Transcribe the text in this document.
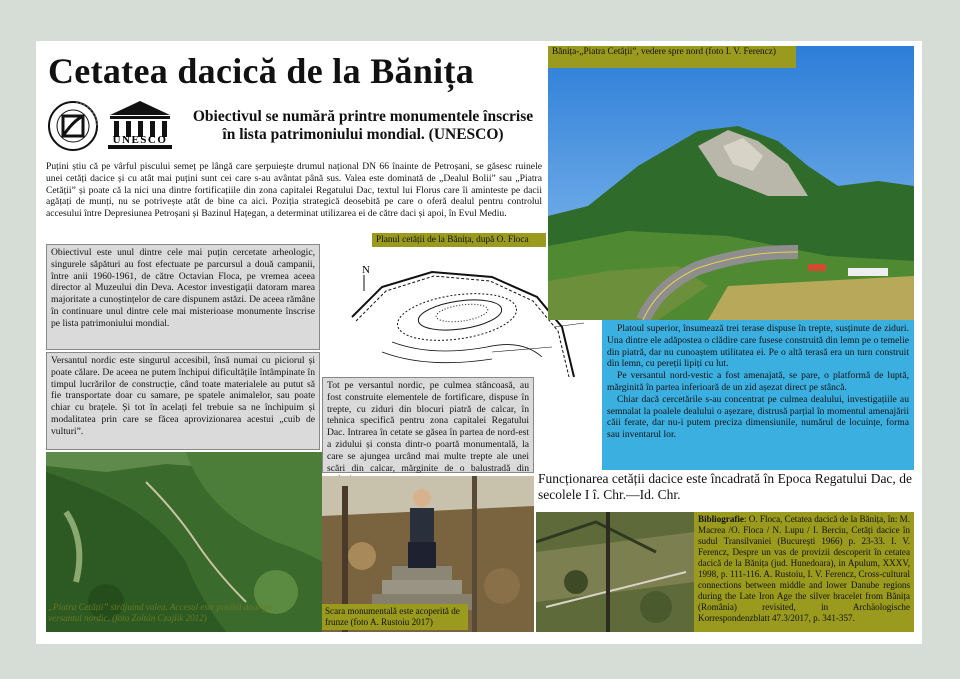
Cetatea dacică de la Bănița
UNESCO
Obiectivul se numără printre monumentele înscrise în lista patrimoniului mondial. (UNESCO)
Puțini știu că pe vârful piscului semeț pe lângă care șerpuiește drumul național DN 66 înainte de Petroșani, se găsesc ruinele unei cetăți dacice și cu atât mai puțini sunt cei care s-au avântat până sus. Valea este dominată de „Dealul Bolii” sau „Piatra Cetății” și poate că la nici una dintre fortificațiile din zona capitalei Regatului Dac, textul lui Florus care îi aminteste pe dacii agățați de munți, nu se potrivește atât de bine ca aici. Poziția strategică deosebită pe care o oferă dealul pentru controlul accesului între Depresiunea Petroșani și Bazinul Hațegan, a determinat utilizarea ei de către daci și apoi, în Evul Mediu.
Obiectivul este unul dintre cele mai puțin cercetate arheologic, singurele săpături au fost efectuate pe parcursul a două campanii, între anii 1960-1961, de către Octavian Floca, pe vremea aceea director al Muzeului din Deva. Acestor investigații datoram marea majoritate a cunoștințelor de care dispunem astăzi. De aceea rămâne în continuare unul dintre cele mai misterioase monumente înscrise pe lista patrimoniului mondial.
Versantul nordic este singurul accesibil, însă numai cu piciorul și poate călare. De aceea ne putem închipui dificultățile întâmpinate în timpul lucrărilor de construcție, când toate materialele au putut să fie transportate doar cu samare, pe spatele animalelor, sau poate chiar cu brațele. Și tot în acelați fel trebuie sa ne închipuim și modalitatea prin care se făcea aprovizionarea acestui „cuib de vulturi”.
N
Planul cetății de la Bănița, după O. Floca
Tot pe versantul nordic, pe culmea stâncoasă, au fost construite elementele de fortificare, dispuse în trepte, cu ziduri din blocuri piatră de calcar, în tehnica specifică pentru zona capitalei Regatului Dac. Intrarea în cetate se găsea în partea de nord-est a zidului și consta dintr-o poartă monumentală, la care se ajungea urcând mai multe trepte ale unei scări din calcar, mărginite de o balustradă din
Bănița-„Piatra Cetății”, vedere spre nord (foto I. V. Ferencz)

Platoul superior, însumează trei terase dispuse în trepte, susținute de ziduri. Una dintre ele adăpostea o clădire care fusese construită din lemn pe o temelie din piatră, dar nu cunoaștem utilitatea ei. Pe o altă terasă era un turn construit din lemn, cu pereții lipiți cu lut.

Pe versantul nord-vestic a fost amenajată, se pare, o platformă de luptă, mărginită în partea inferioară de un zid așezat direct pe stâncă.

Chiar dacă cercetările s-au concentrat pe culmea dealului, investigațiile au semnalat la poalele dealului o așezare, distrusă parțial în momentul amenajării căii ferate, dar nu-i putem preciza dimensiunile, numărul de locuințe, forma sau inventarul lor.

Funcționarea cetății dacice este încadrată în Epoca Regatului Dac, de secolele I î. Chr.—Id. Chr.
„Piatra Cetății” străjuind valea. Accesul este posibil doar pe versantul nordic. (foto Zoltán Czajlik 2012)
Scara monumentală este acoperită de frunze (foto A. Rustoiu 2017)
Bibliografie: O. Floca, Cetatea dacică de la Bănița, în: M. Macrea /O. Floca / N. Lupu / I. Berciu, Cetăți dacice în sudul Transilvaniei (București 1966) p. 23-33. I. V. Ferencz, Despre un vas de provizii descoperit în cetatea dacică de la Bănița (jud. Hunedoara), in Apulum, XXXV, 1998, p. 111-116. A. Rustoiu, I. V. Ferencz, Cross-cultural connections between middle and lower Danube regions during the Late Iron Age the silver bracelet from Bănița (România) revisited, in Archäologische Korrespondenzblatt 47.3/2017, p. 341-357.
